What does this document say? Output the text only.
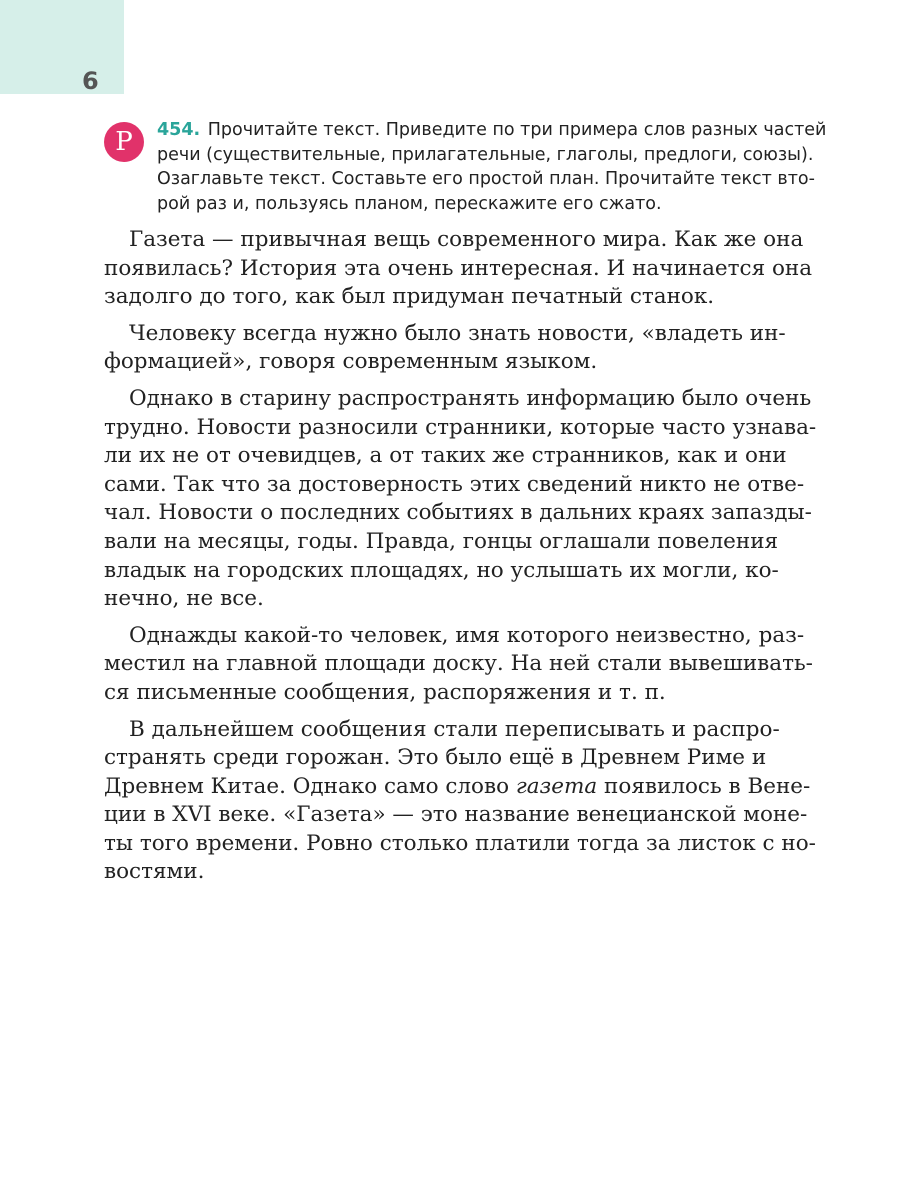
6
Р	454. Прочитайте текст. Приведите по три примера слов разных частей
речи (существительные, прилагательные, глаголы, предлоги, союзы).
Озаглавьте текст. Составьте его простой план. Прочитайте текст вто-
рой раз и, пользуясь планом, перескажите его сжато.
Газета — привычная вещь современного мира. Как же она
появилась? История эта очень интересная. И начинается она
задолго до того, как был придуман печатный станок.
Человеку всегда нужно было знать новости, «владеть ин-
формацией», говоря современным языком.
Однако в старину распространять информацию было очень
трудно. Новости разносили странники, которые часто узнава-
ли их не от очевидцев, а от таких же странников, как и они
сами. Так что за достоверность этих сведений никто не отве-
чал. Новости о последних событиях в дальних краях запазды-
вали на месяцы, годы. Правда, гонцы оглашали повеления
владык на городских площадях, но услышать их могли, ко-
нечно, не все.
Однажды какой-то человек, имя которого неизвестно, раз-
местил на главной площади доску. На ней стали вывешивать-
ся письменные сообщения, распоряжения и т. п.
В дальнейшем сообщения стали переписывать и распро-
странять среди горожан. Это было ещё в Древнем Риме и
Древнем Китае. Однако само слово газета появилось в Вене-
ции в XVI веке. «Газета» — это название венецианской моне-
ты того времени. Ровно столько платили тогда за листок с но-
востями.
